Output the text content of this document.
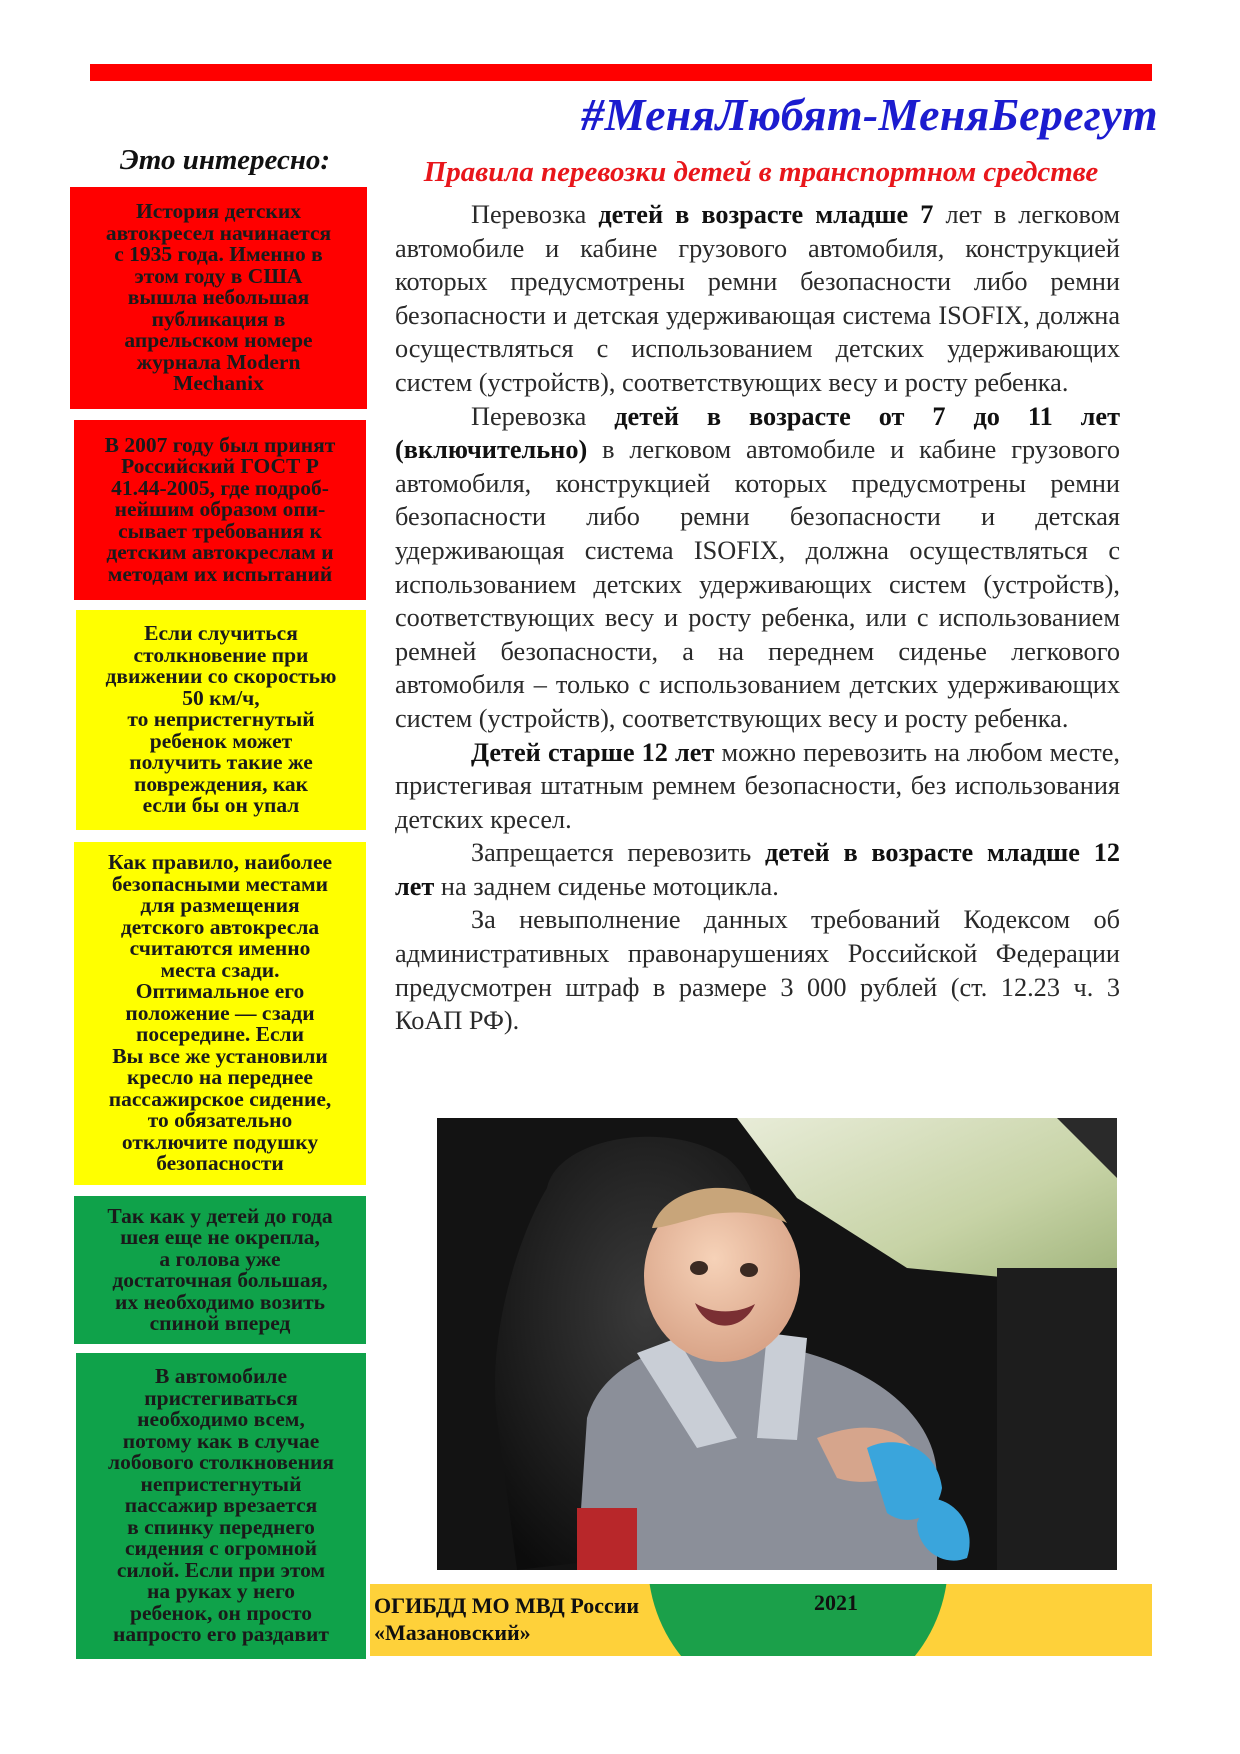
#МеняЛюбят-МеняБерегут
Это интересно:
История детских
автокресел начинается
с 1935 года. Именно в
этом году в США
вышла небольшая
публикация в
апрельском номере
журнала Modern
Mechanix
В 2007 году был принят
Российский ГОСТ Р
41.44-2005, где подроб-
нейшим образом опи-
сывает требования к
детским автокреслам и
методам их испытаний
Если случиться
столкновение при
движении со скоростью
50 км/ч,
то непристегнутый
ребенок может
получить такие же
повреждения, как
если бы он упал
Как правило, наиболее
безопасными местами
для размещения
детского автокресла
считаются именно
места сзади.
Оптимальное его
положение — сзади
посередине. Если
Вы все же установили
кресло на переднее
пассажирское сидение,
то обязательно
отключите подушку
безопасности
Так как у детей до года
шея еще не окрепла,
а голова уже
достаточная большая,
их необходимо возить
спиной вперед
В автомобиле
пристегиваться
необходимо всем,
потому как в случае
лобового столкновения
непристегнутый
пассажир врезается
в спинку переднего
сидения с огромной
силой. Если при этом
на руках у него
ребенок, он просто
напросто его раздавит
Правила перевозки детей в транспортном средстве

Перевозка детей в возрасте младше 7 лет в легковом автомобиле и кабине грузового автомобиля, конструкцией которых предусмотрены ремни безопасности либо ремни безопасности и детская удерживающая система ISOFIX, должна осуществляться с использованием детских удерживающих систем (устройств), соответствующих весу и росту ребенка.

Перевозка детей в возрасте от 7 до 11 лет (включительно) в легковом автомобиле и кабине грузового автомобиля, конструкцией которых предусмотрены ремни безопасности либо ремни безопасности и детская удерживающая система ISOFIX, должна осуществляться с использованием детских удерживающих систем (устройств), соответствующих весу и росту ребенка, или с использованием ремней безопасности, а на переднем сиденье легкового автомобиля – только с использованием детских удерживающих систем (устройств), соответствующих весу и росту ребенка.

Детей старше 12 лет можно перевозить на любом месте, пристегивая штатным ремнем безопасности, без использования детских кресел.

Запрещается перевозить детей в возрасте младше 12 лет на заднем сиденье мотоцикла.

За невыполнение данных требований Кодексом об административных правонарушениях Российской Федерации предусмотрен штраф в размере 3 000 рублей (ст. 12.23 ч. 3 КоАП РФ).

ОГИБДД МО МВД России
«Мазановский»

2021
